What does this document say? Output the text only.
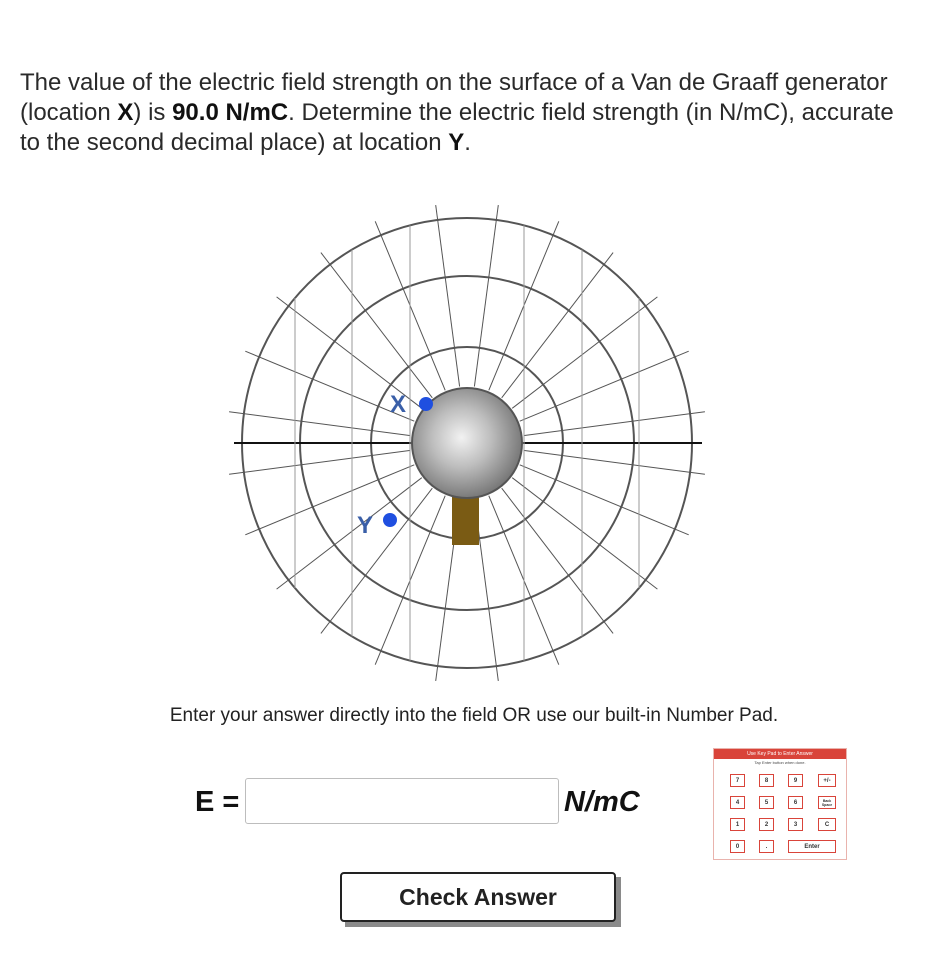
The value of the electric field strength on the surface of a Van de Graaff generator (location X) is 90.0 N/mC. Determine the electric field strength (in N/mC), accurate to the second decimal place) at location Y.
X
Y
Enter your answer directly into the field OR use our built-in Number Pad.
E =	N/mC
Check Answer
Use Key Pad to Enter Answer
Tap Enter button when done.
7	8	9	+/-
4	5	6	Back Space
1	2	3	C
0	.	Enter
